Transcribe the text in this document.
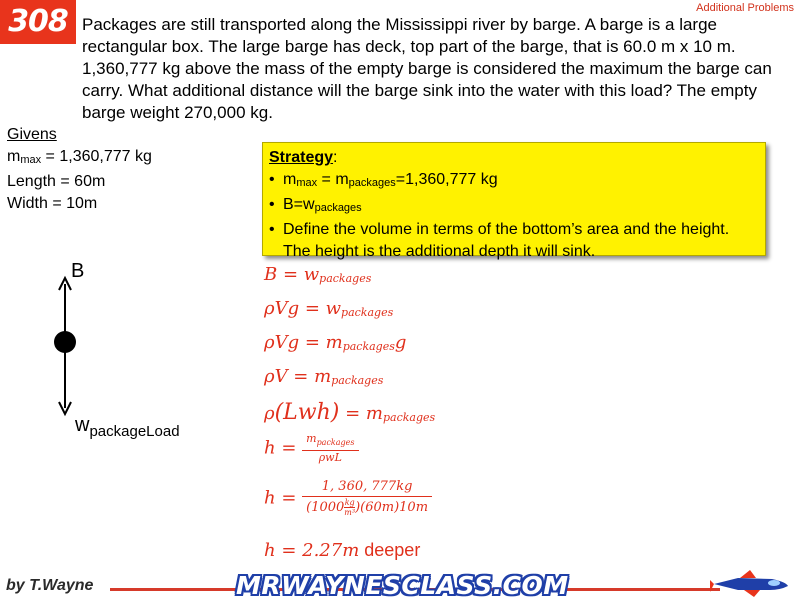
308	Additional Problems
Packages are still transported along the Mississippi river by barge. A barge is a large rectangular box. The large barge has deck, top part of the barge, that is 60.0 m x 10 m. 1,360,777 kg above the mass of the empty barge is considered the maximum the barge can carry. What additional distance will the barge sink into the water with this load? The empty barge weight 270,000 kg.
Givens
$m_{max} = 1,360,777$ kg
Length = 60m
Width = 10m
Strategy:
• $m_{max} = m_{packages}=1,360,777$ kg
• $B=w_{packages}$
• Define the volume in terms of the bottom’s area and the height. The height is the additional depth it will sink.
B
$w_{packageLoad}$
$B = w_{packages}$
$\rho Vg = w_{packages}$
$\rho Vg = m_{packages}g$
$\rho V = m_{packages}$
$\rho(Lwh) = m_{packages}$
$h = \frac{m_{packages}}{\text{ρwL}}$
$h = \frac{1, 360, 777kg}{(1000 \frac{kg}{\text{m³}} )(60m)10m}$
h = 2.27m deeper
by T.Wayne	MRWAYNESCLASS.COM
